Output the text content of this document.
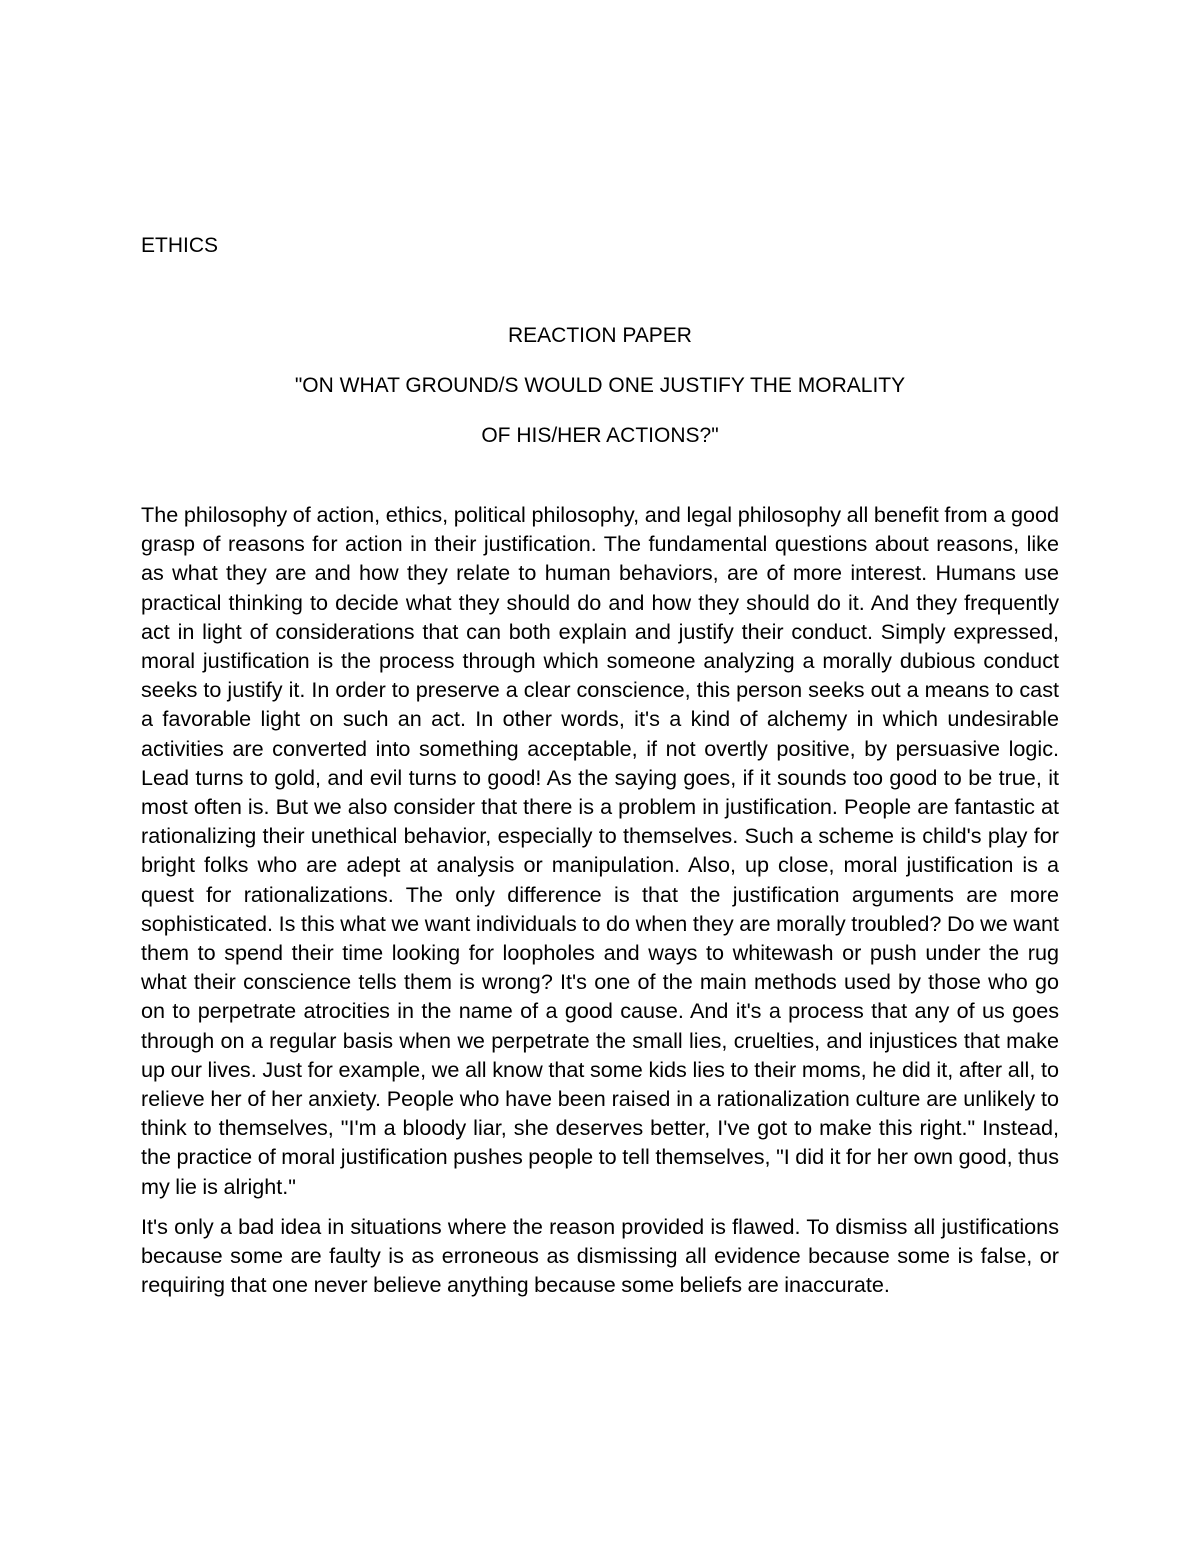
ETHICS

REACTION PAPER
"ON WHAT GROUND/S WOULD ONE JUSTIFY THE MORALITY
OF HIS/HER ACTIONS?"

The philosophy of action, ethics, political philosophy, and legal philosophy all benefit from a good grasp of reasons for action in their justification. The fundamental questions about reasons, like as what they are and how they relate to human behaviors, are of more interest. Humans use practical thinking to decide what they should do and how they should do it. And they frequently act in light of considerations that can both explain and justify their conduct. Simply expressed, moral justification is the process through which someone analyzing a morally dubious conduct seeks to justify it. In order to preserve a clear conscience, this person seeks out a means to cast a favorable light on such an act. In other words, it's a kind of alchemy in which undesirable activities are converted into something acceptable, if not overtly positive, by persuasive logic. Lead turns to gold, and evil turns to good! As the saying goes, if it sounds too good to be true, it most often is. But we also consider that there is a problem in justification. People are fantastic at rationalizing their unethical behavior, especially to themselves. Such a scheme is child's play for bright folks who are adept at analysis or manipulation. Also, up close, moral justification is a quest for rationalizations. The only difference is that the justification arguments are more sophisticated. Is this what we want individuals to do when they are morally troubled? Do we want them to spend their time looking for loopholes and ways to whitewash or push under the rug what their conscience tells them is wrong? It's one of the main methods used by those who go on to perpetrate atrocities in the name of a good cause. And it's a process that any of us goes through on a regular basis when we perpetrate the small lies, cruelties, and injustices that make up our lives. Just for example, we all know that some kids lies to their moms, he did it, after all, to relieve her of her anxiety. People who have been raised in a rationalization culture are unlikely to think to themselves, "I'm a bloody liar, she deserves better, I've got to make this right." Instead, the practice of moral justification pushes people to tell themselves, "I did it for her own good, thus my lie is alright."

It's only a bad idea in situations where the reason provided is flawed. To dismiss all justifications because some are faulty is as erroneous as dismissing all evidence because some is false, or requiring that one never believe anything because some beliefs are inaccurate.
